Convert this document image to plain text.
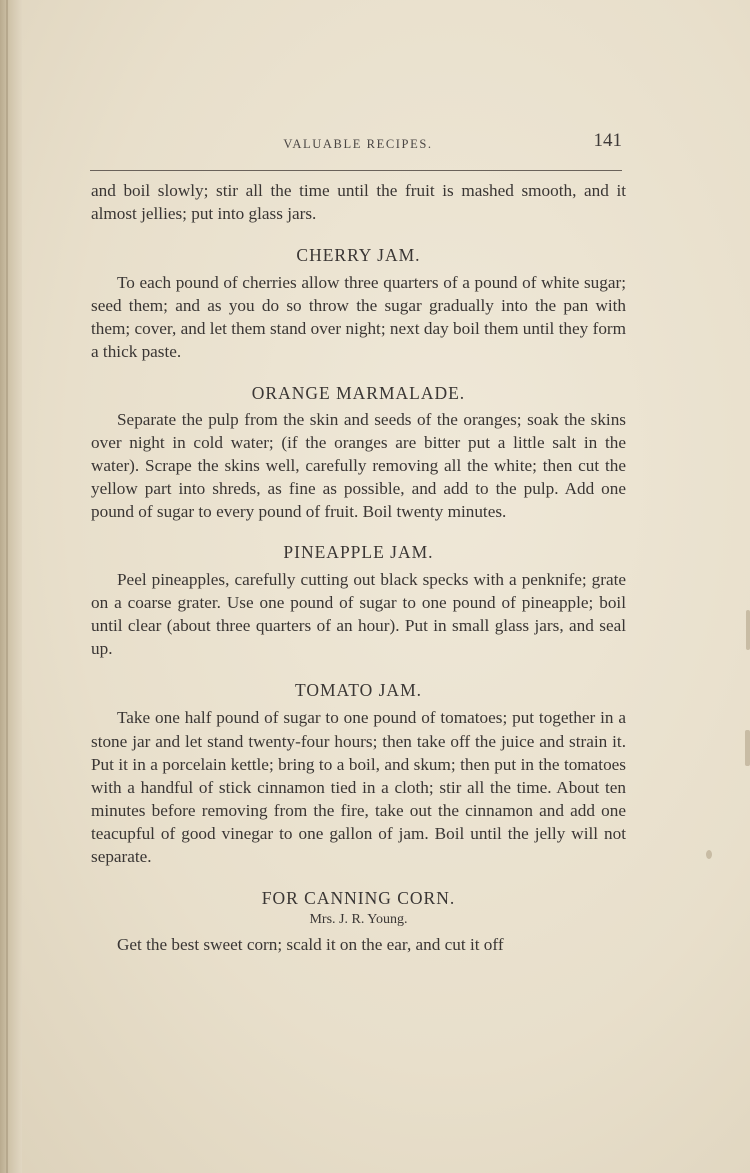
VALUABLE RECIPES.	141

and boil slowly; stir all the time until the fruit is mashed smooth, and it almost jellies; put into glass jars.

CHERRY JAM.

To each pound of cherries allow three quarters of a pound of white sugar; seed them; and as you do so throw the sugar gradually into the pan with them; cover, and let them stand over night; next day boil them until they form a thick paste.

ORANGE MARMALADE.

Separate the pulp from the skin and seeds of the oranges; soak the skins over night in cold water; (if the oranges are bitter put a little salt in the water). Scrape the skins well, carefully removing all the white; then cut the yellow part into shreds, as fine as possible, and add to the pulp. Add one pound of sugar to every pound of fruit. Boil twenty minutes.

PINEAPPLE JAM.

Peel pineapples, carefully cutting out black specks with a penknife; grate on a coarse grater. Use one pound of sugar to one pound of pineapple; boil until clear (about three quarters of an hour). Put in small glass jars, and seal up.

TOMATO JAM.

Take one half pound of sugar to one pound of tomatoes; put together in a stone jar and let stand twenty-four hours; then take off the juice and strain it. Put it in a porcelain kettle; bring to a boil, and skum; then put in the tomatoes with a handful of stick cinnamon tied in a cloth; stir all the time. About ten minutes before removing from the fire, take out the cinnamon and add one teacupful of good vinegar to one gallon of jam. Boil until the jelly will not separate.

FOR CANNING CORN.
Mrs. J. R. Young.

Get the best sweet corn; scald it on the ear, and cut it off
